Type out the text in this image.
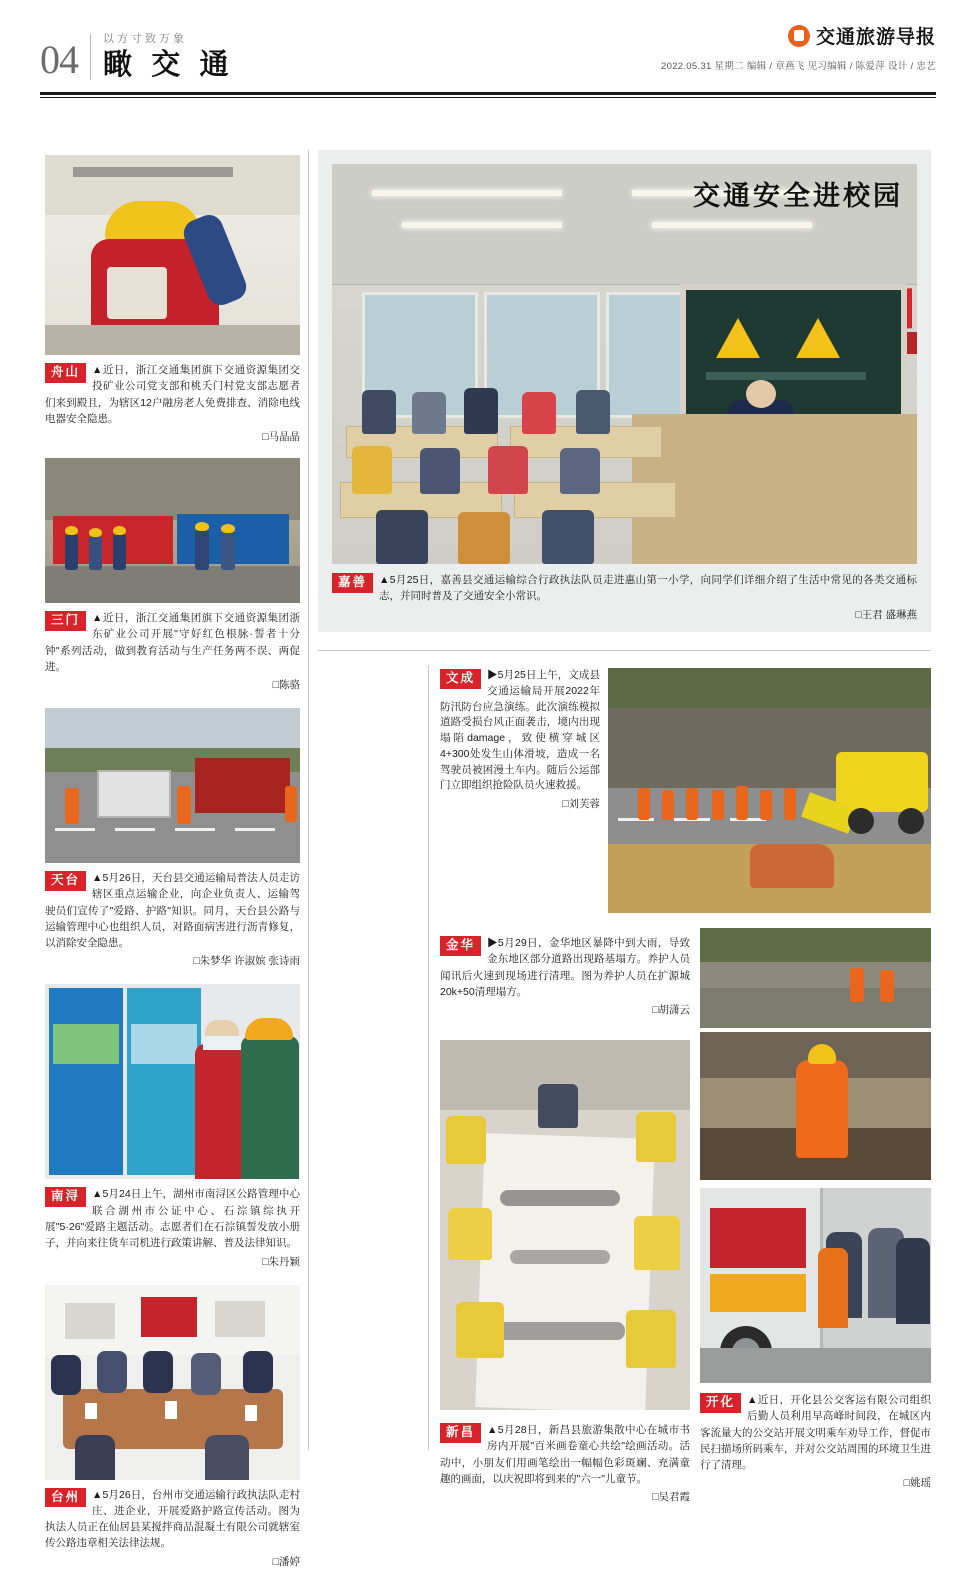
04	以方寸致万象
瞰 交 通
交通旅游导报
2022.05.31 星期二 编辑 / 章燕飞 见习编辑 / 陈爱萍 设计 / 忠艺
舟山	▲近日，浙江交通集团旗下交通资源集团交投矿业公司党支部和桃夭门村党支部志愿者们来到殿且，为辖区12户融房老人免费排查、消除电线电器安全隐患。
□马晶晶
三门	▲近日，浙江交通集团旗下交通资源集团浙东矿业公司开展"守好红色根脉·誓者十分钟"系列活动，做到教育活动与生产任务两不误、两促进。
□陈骆
天台	▲5月26日，天台县交通运输局普法人员走访辖区重点运输企业，向企业负责人、运输驾驶员们宣传了"爱路、护路"知识。同月，天台县公路与运输管理中心也组织人员，对路面病害进行沥青修复，以消除安全隐患。
□朱梦华 许淑嫔 张诗雨
南浔	▲5月24日上午，湖州市南浔区公路管理中心联合湖州市公证中心、石淙镇综执开展"5·26"爱路主题活动。志愿者们在石淙镇誓发放小册子，并向来往货车司机进行政策讲解、普及法律知识。
□朱丹颖
台州	▲5月26日，台州市交通运输行政执法队走村庄、进企业，开展爱路护路宣传活动。图为执法人员正在仙居县某搅拌商品混凝土有限公司就辖室传公路违章相关法律法规。
□潘婷
交通安全进校园
嘉善	▲5月25日，嘉善县交通运输综合行政执法队员走进惠山第一小学，向同学们详细介绍了生活中常见的各类交通标志，并同时普及了交通安全小常识。
□王君 盛琳燕
文成	▶5月25日上午，文成县交通运输局开展2022年防汛防台应急演练。此次演练模拟道路受损台风正面袭击，境内出现塌陷damage，致使横穿城区4+300处发生山体滑坡，造成一名驾驶员被困漫土车内。随后公运部门立即组织抢险队员火速救援。
□刘芙蓉
金华	▶5月29日，金华地区暴降中到大雨，导致金东地区部分道路出现路基塌方。养护人员闻讯后火速到现场进行清理。图为养护人员在扩源城20k+50清理塌方。
□胡潇云
新昌	▲5月28日，新昌县旅游集散中心在城市书房内开展"百米画卷童心共绘"绘画活动。活动中，小朋友们用画笔绘出一幅幅色彩斑斓、充满童趣的画面，以庆祝即将到来的"六一"儿童节。
□吴君霞
开化	▲近日，开化县公交客运有限公司组织后勤人员利用早高峰时间段，在城区内客流量大的公交站开展文明乘车劝导工作，督促市民扫描场所码乘车，并对公交站周围的环境卫生进行了清理。
□姚瑶
